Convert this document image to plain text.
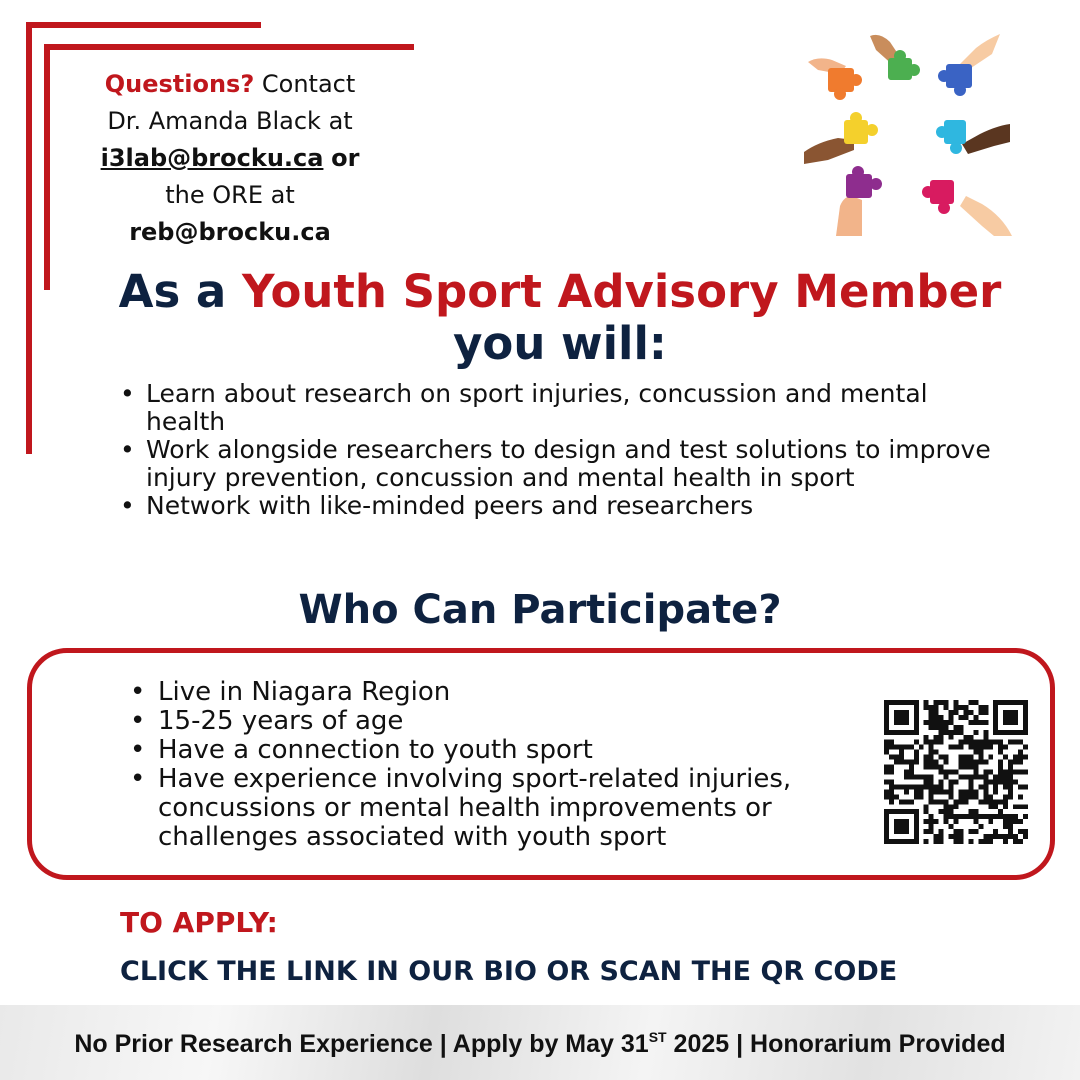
Questions? Contact
Dr. Amanda Black at
i3lab@brocku.ca or
the ORE at
reb@brocku.ca
As a Youth Sport Advisory Member
you will:
• Learn about research on sport injuries, concussion and mental health
• Work alongside researchers to design and test solutions to improve injury prevention, concussion and mental health in sport
• Network with like-minded peers and researchers
Who Can Participate?
• Live in Niagara Region
• 15-25 years of age
• Have a connection to youth sport
• Have experience involving sport-related injuries, concussions or mental health improvements or challenges associated with youth sport
TO APPLY:
CLICK THE LINK IN OUR BIO OR SCAN THE QR CODE
No Prior Research Experience | Apply by May 31ST 2025 | Honorarium Provided
